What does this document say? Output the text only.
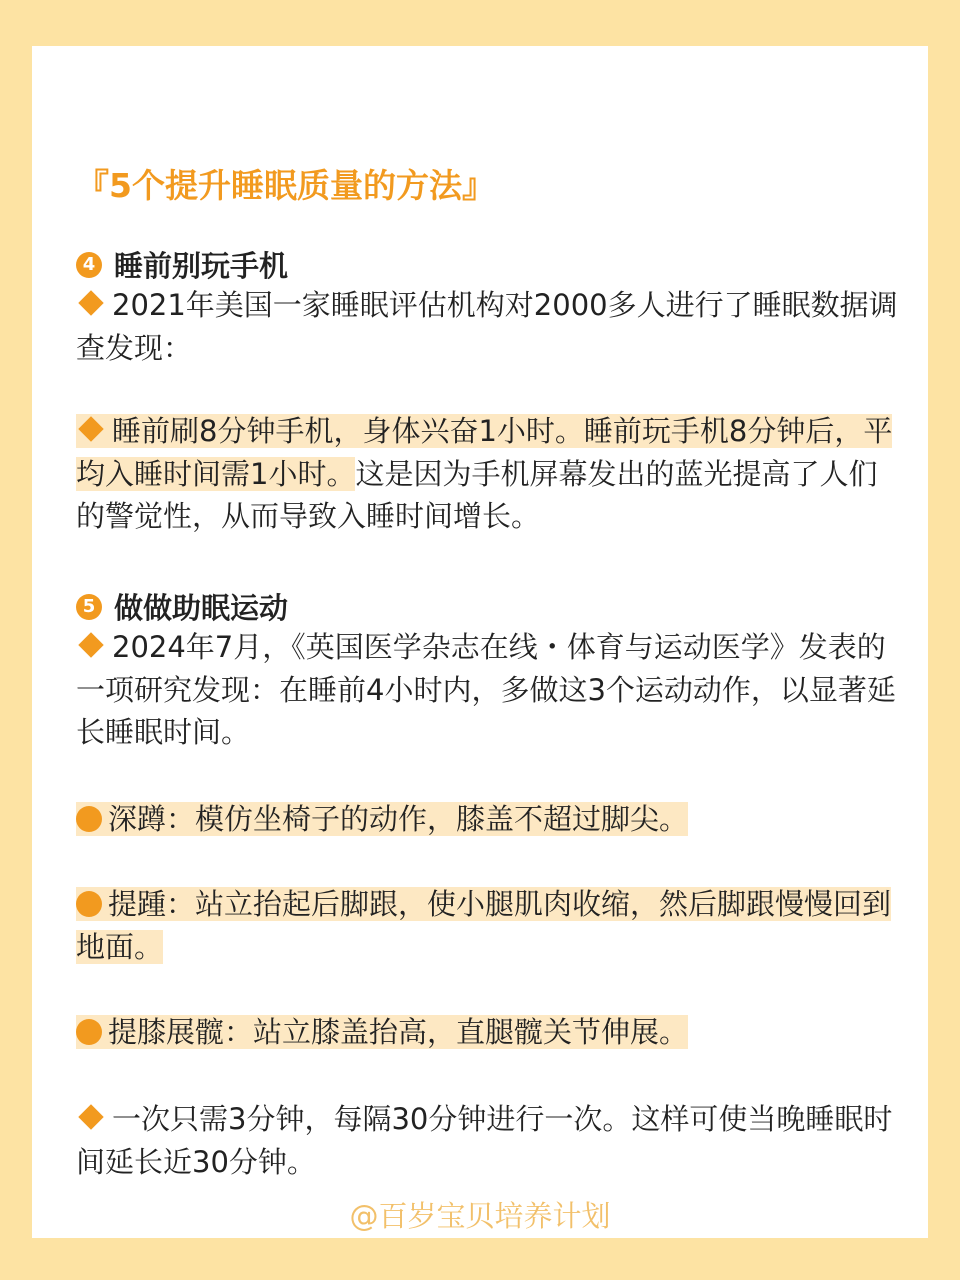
『5个提升睡眠质量的方法』
4 睡前别玩手机
2021年美国一家睡眠评估机构对2000多人进行了睡眠数据调查发现：
睡前刷8分钟手机，身体兴奋1小时。睡前玩手机8分钟后，平均入睡时间需1小时。这是因为手机屏幕发出的蓝光提高了人们的警觉性，从而导致入睡时间增长。
5 做做助眠运动
2024年7月，《英国医学杂志在线・体育与运动医学》发表的一项研究发现：在睡前4小时内，多做这3个运动动作，以显著延长睡眠时间。
深蹲：模仿坐椅子的动作，膝盖不超过脚尖。
提踵：站立抬起后脚跟，使小腿肌肉收缩，然后脚跟慢慢回到地面。
提膝展髋：站立膝盖抬高，直腿髋关节伸展。
一次只需3分钟，每隔30分钟进行一次。这样可使当晚睡眠时间延长近30分钟。
@百岁宝贝培养计划
